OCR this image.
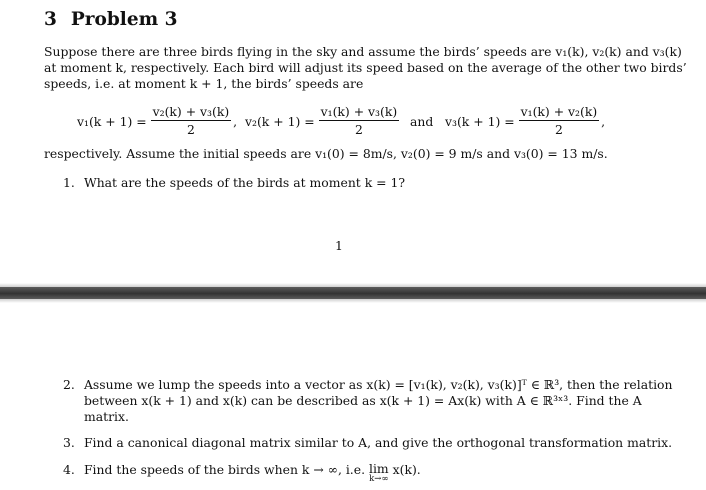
3 Problem 3
Suppose there are three birds flying in the sky and assume the birds’ speeds are v₁(k), v₂(k) and v₃(k)
at moment k, respectively. Each bird will adjust its speed based on the average of the other two birds’
speeds, i.e. at moment k + 1, the birds’ speeds are
$v_1(k + 1) = \frac{\text{v₂(k) + v₃(k)}}{2}$ , $v_2(k + 1) = \frac{\text{v₁(k) + v₃(k)}}{2}$ and $v_3(k + 1) = \frac{\text{v₁(k) + v₂(k)}}{2}$ ,
respectively. Assume the initial speeds are v₁(0) = 8m/s, v₂(0) = 9 m/s and v₃(0) = 13 m/s.
1. What are the speeds of the birds at moment k = 1?
1
2. Assume we lump the speeds into a vector as x(k) = [v₁(k), v₂(k), v₃(k)]ᵀ ∈ ℝ³, then the relation
between x(k + 1) and x(k) can be described as x(k + 1) = Ax(k) with A ∈ ℝ³ˣ³. Find the A
matrix.
3. Find a canonical diagonal matrix similar to A, and give the orthogonal transformation matrix.
4. Find the speeds of the birds when k → ∞, i.e. lim
k→∞
x(k).
